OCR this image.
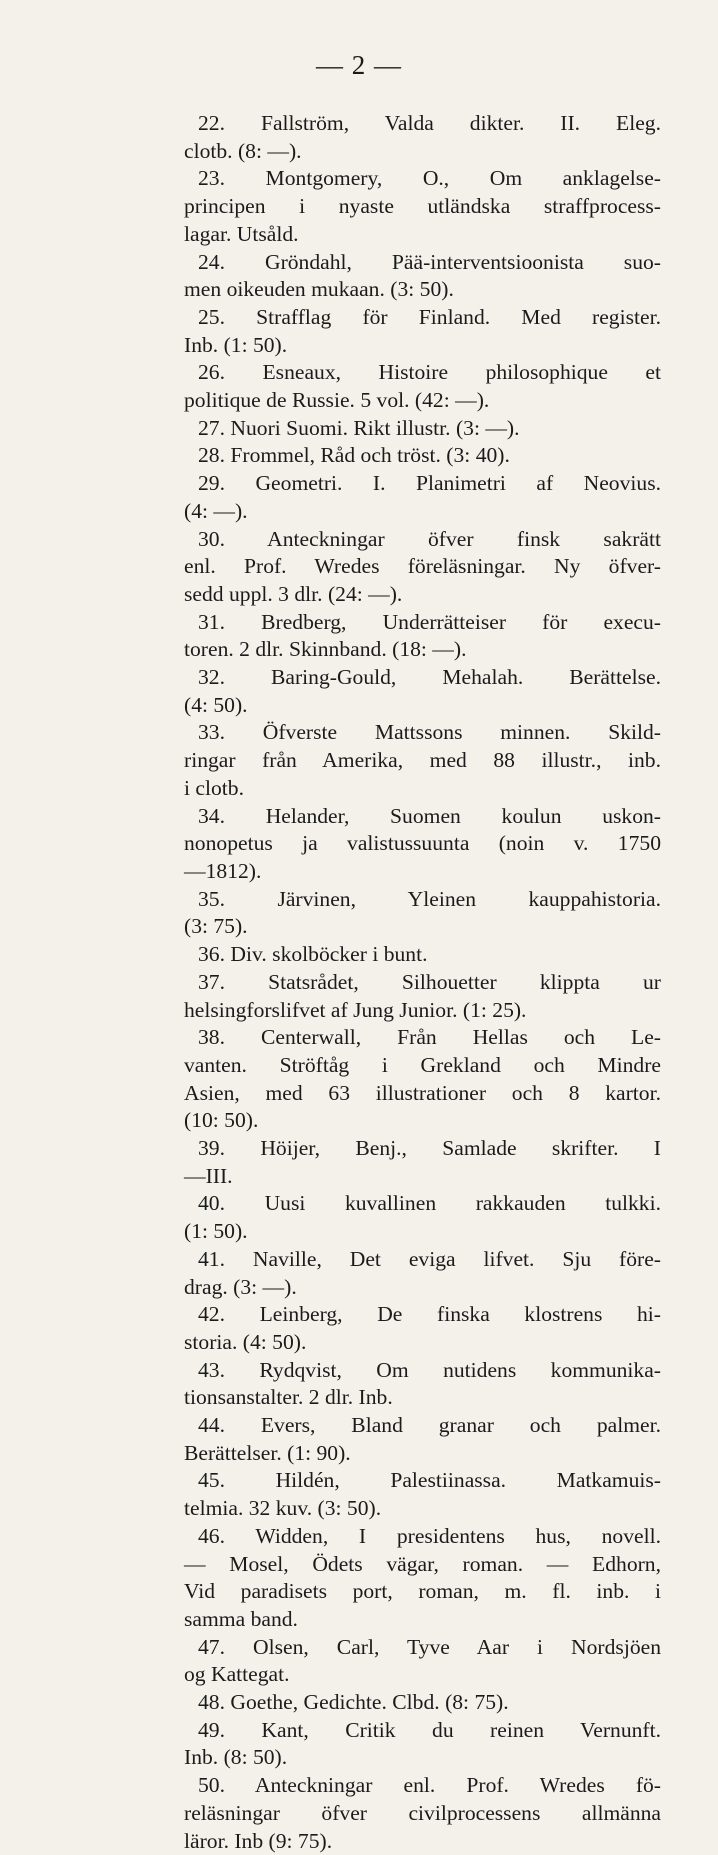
— 2 —

22. Fallström, Valda dikter. II. Eleg.
clotb. (8: —).

23. Montgomery, O., Om anklagelse-
principen i nyaste utländska straffprocess-
lagar. Utsåld.

24. Gröndahl, Pää-interventsioonista suo-
men oikeuden mukaan. (3: 50).

25. Strafflag för Finland. Med register.
Inb. (1: 50).

26. Esneaux, Histoire philosophique et
politique de Russie. 5 vol. (42: —).

27. Nuori Suomi. Rikt illustr. (3: —).

28. Frommel, Råd och tröst. (3: 40).

29. Geometri. I. Planimetri af Neovius.
(4: —).

30. Anteckningar öfver finsk sakrätt
enl. Prof. Wredes föreläsningar. Ny öfver-
sedd uppl. 3 dlr. (24: —).

31. Bredberg, Underrätteiser för execu-
toren. 2 dlr. Skinnband. (18: —).

32. Baring-Gould, Mehalah. Berättelse.
(4: 50).

33. Öfverste Mattssons minnen. Skild-
ringar från Amerika, med 88 illustr., inb.
i clotb.

34. Helander, Suomen koulun uskon-
nonopetus ja valistussuunta (noin v. 1750
—1812).

35. Järvinen, Yleinen kauppahistoria.
(3: 75).

36. Div. skolböcker i bunt.

37. Statsrådet, Silhouetter klippta ur
helsingforslifvet af Jung Junior. (1: 25).

38. Centerwall, Från Hellas och Le-
vanten. Ströftåg i Grekland och Mindre
Asien, med 63 illustrationer och 8 kartor.
(10: 50).

39. Höijer, Benj., Samlade skrifter. I
—III.

40. Uusi kuvallinen rakkauden tulkki.
(1: 50).

41. Naville, Det eviga lifvet. Sju före-
drag. (3: —).

42. Leinberg, De finska klostrens hi-
storia. (4: 50).

43. Rydqvist, Om nutidens kommunika-
tionsanstalter. 2 dlr. Inb.

44. Evers, Bland granar och palmer.
Berättelser. (1: 90).

45. Hildén, Palestiinassa. Matkamuis-
telmia. 32 kuv. (3: 50).

46. Widden, I presidentens hus, novell.
— Mosel, Ödets vägar, roman. — Edhorn,
Vid paradisets port, roman, m. fl. inb. i
samma band.

47. Olsen, Carl, Tyve Aar i Nordsjöen
og Kattegat.

48. Goethe, Gedichte. Clbd. (8: 75).

49. Kant, Critik du reinen Vernunft.
Inb. (8: 50).

50. Anteckningar enl. Prof. Wredes fö-
reläsningar öfver civilprocessens allmänna
läror. Inb (9: 75).
